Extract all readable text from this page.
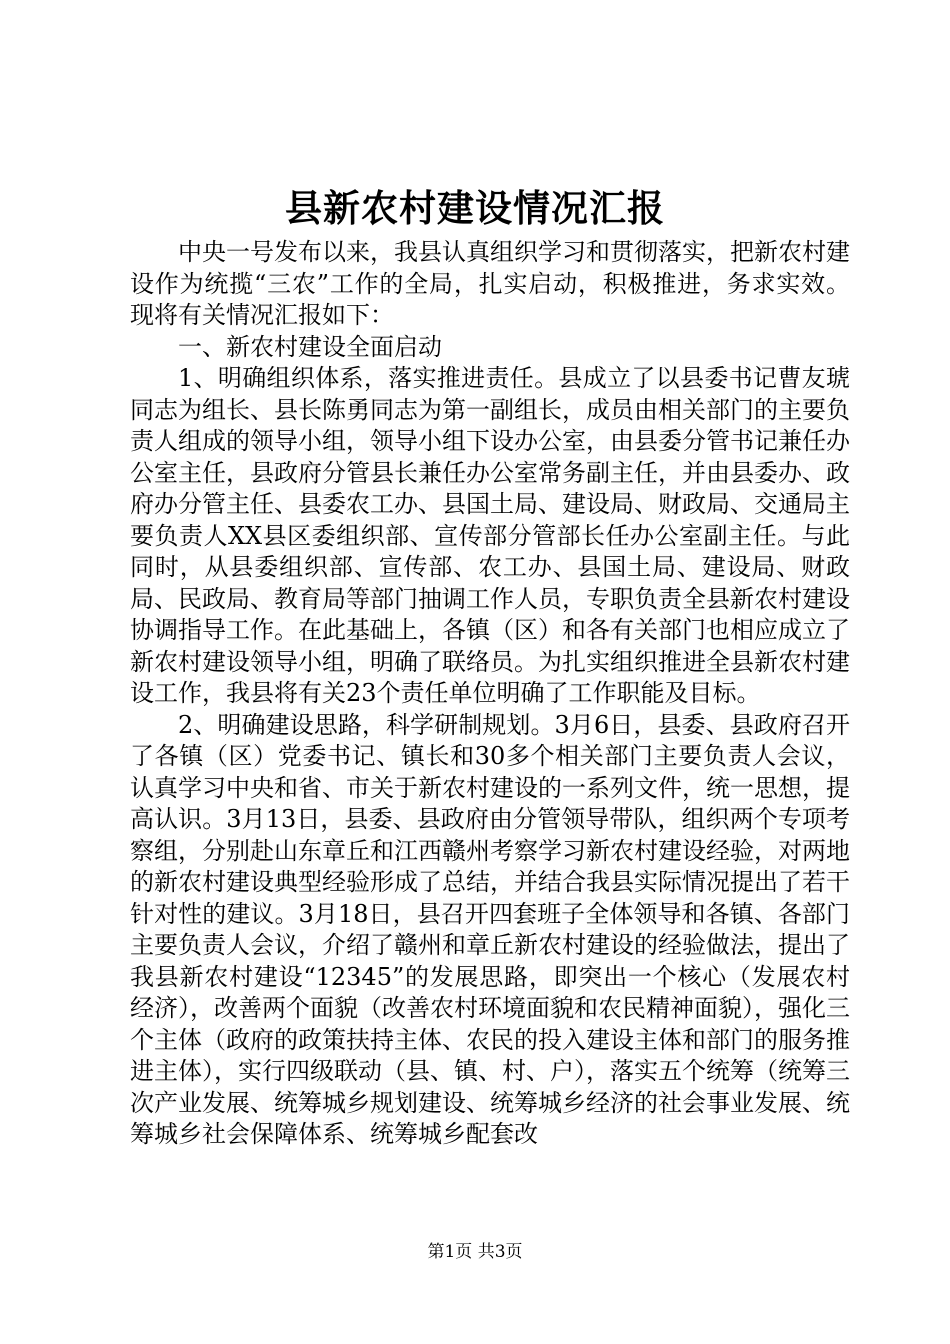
县新农村建设情况汇报

中央一号发布以来，我县认真组织学习和贯彻落实，把新农村建设作为统揽“三农”工作的全局，扎实启动，积极推进，务求实效。现将有关情况汇报如下：

一、新农村建设全面启动

1、明确组织体系，落实推进责任。县成立了以县委书记曹友琥同志为组长、县长陈勇同志为第一副组长，成员由相关部门的主要负责人组成的领导小组，领导小组下设办公室，由县委分管书记兼任办公室主任，县政府分管县长兼任办公室常务副主任，并由县委办、政府办分管主任、县委农工办、县国土局、建设局、财政局、交通局主要负责人XX县区委组织部、宣传部分管部长任办公室副主任。与此同时，从县委组织部、宣传部、农工办、县国土局、建设局、财政局、民政局、教育局等部门抽调工作人员，专职负责全县新农村建设协调指导工作。在此基础上，各镇（区）和各有关部门也相应成立了新农村建设领导小组，明确了联络员。为扎实组织推进全县新农村建设工作，我县将有关23个责任单位明确了工作职能及目标。

2、明确建设思路，科学研制规划。3月6日，县委、县政府召开了各镇（区）党委书记、镇长和30多个相关部门主要负责人会议，认真学习中央和省、市关于新农村建设的一系列文件，统一思想，提高认识。3月13日，县委、县政府由分管领导带队，组织两个专项考察组，分别赴山东章丘和江西赣州考察学习新农村建设经验，对两地的新农村建设典型经验形成了总结，并结合我县实际情况提出了若干针对性的建议。3月18日，县召开四套班子全体领导和各镇、各部门主要负责人会议，介绍了赣州和章丘新农村建设的经验做法，提出了我县新农村建设“12345”的发展思路，即突出一个核心（发展农村经济），改善两个面貌（改善农村环境面貌和农民精神面貌），强化三个主体（政府的政策扶持主体、农民的投入建设主体和部门的服务推进主体），实行四级联动（县、镇、村、户），落实五个统筹（统筹三次产业发展、统筹城乡规划建设、统筹城乡经济的社会事业发展、统筹城乡社会保障体系、统筹城乡配套改

第1页 共3页
